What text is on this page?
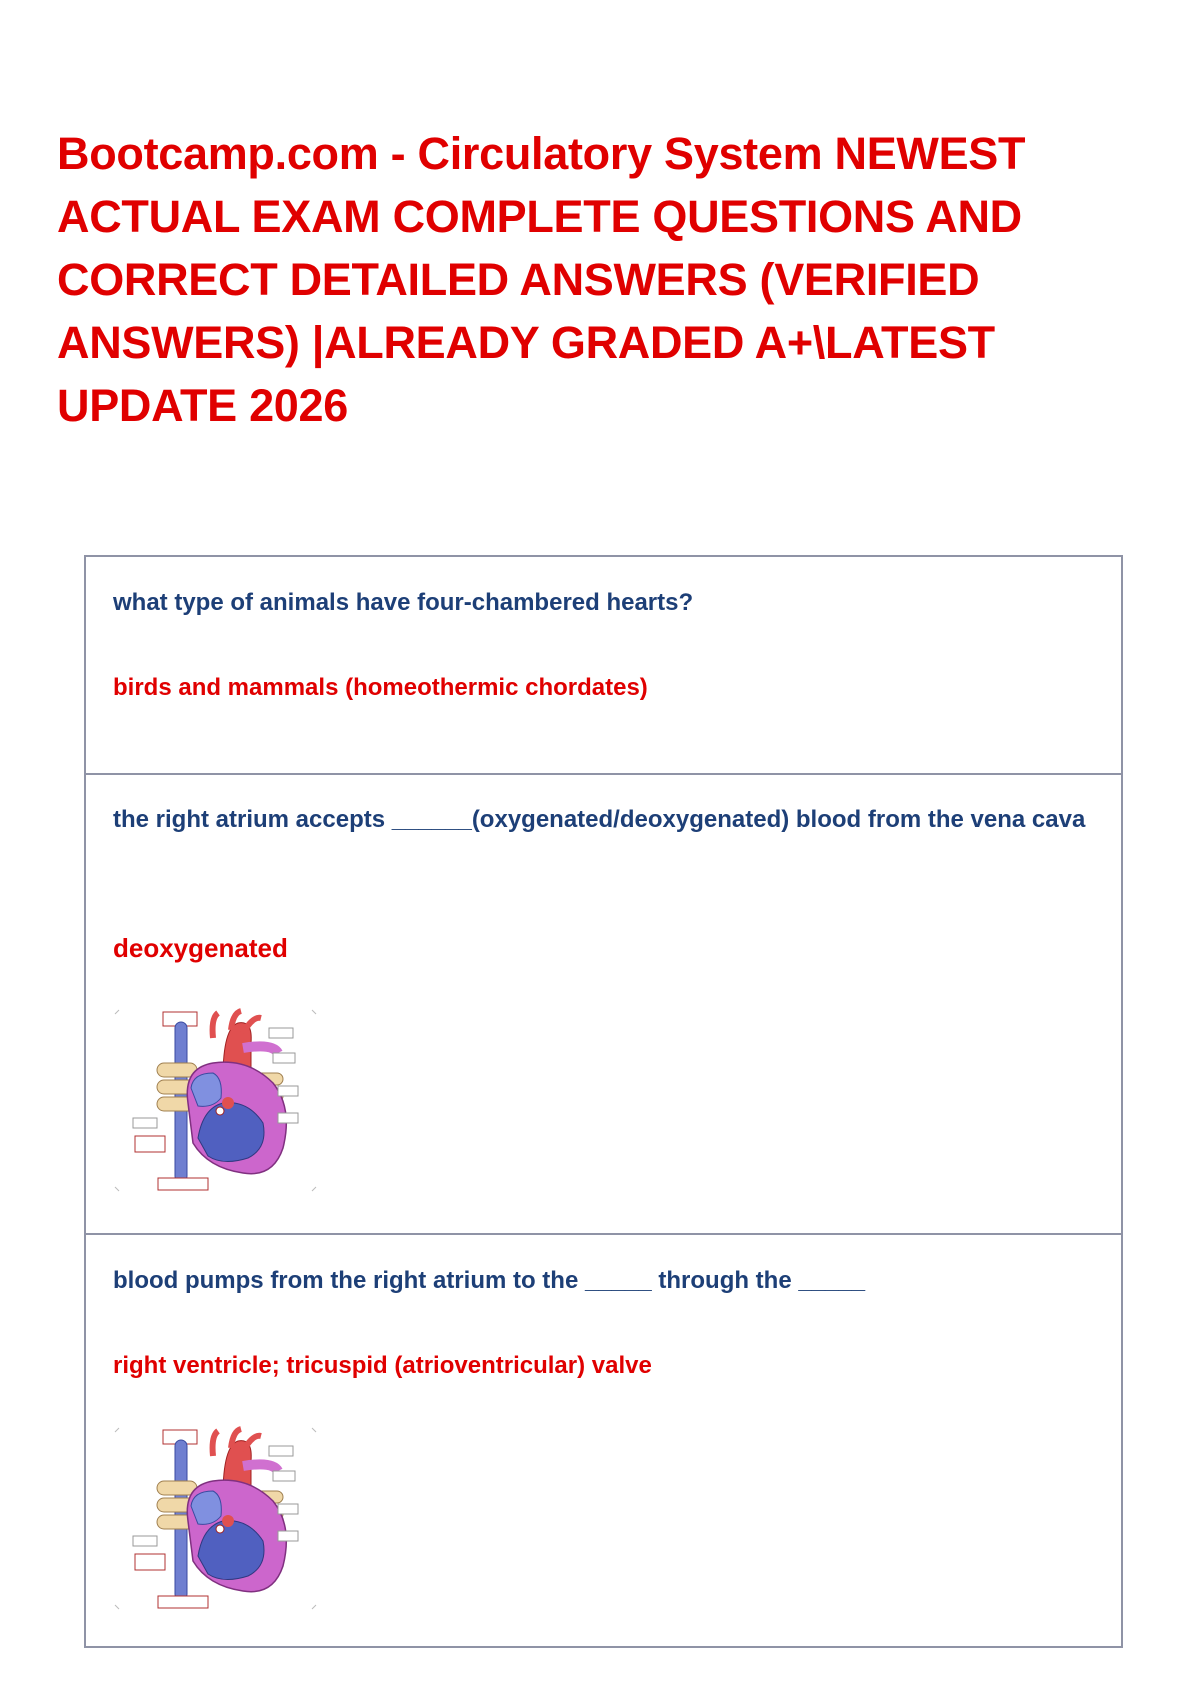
Bootcamp.com - Circulatory System NEWEST ACTUAL EXAM COMPLETE QUESTIONS AND CORRECT DETAILED ANSWERS (VERIFIED ANSWERS) |ALREADY GRADED A+\LATEST UPDATE 2026

what type of animals have four-chambered hearts?

birds and mammals (homeothermic chordates)

the right atrium accepts ______(oxygenated/deoxygenated) blood from the vena cava

deoxygenated

blood pumps from the right atrium to the _____ through the _____

right ventricle; tricuspid (atrioventricular) valve
